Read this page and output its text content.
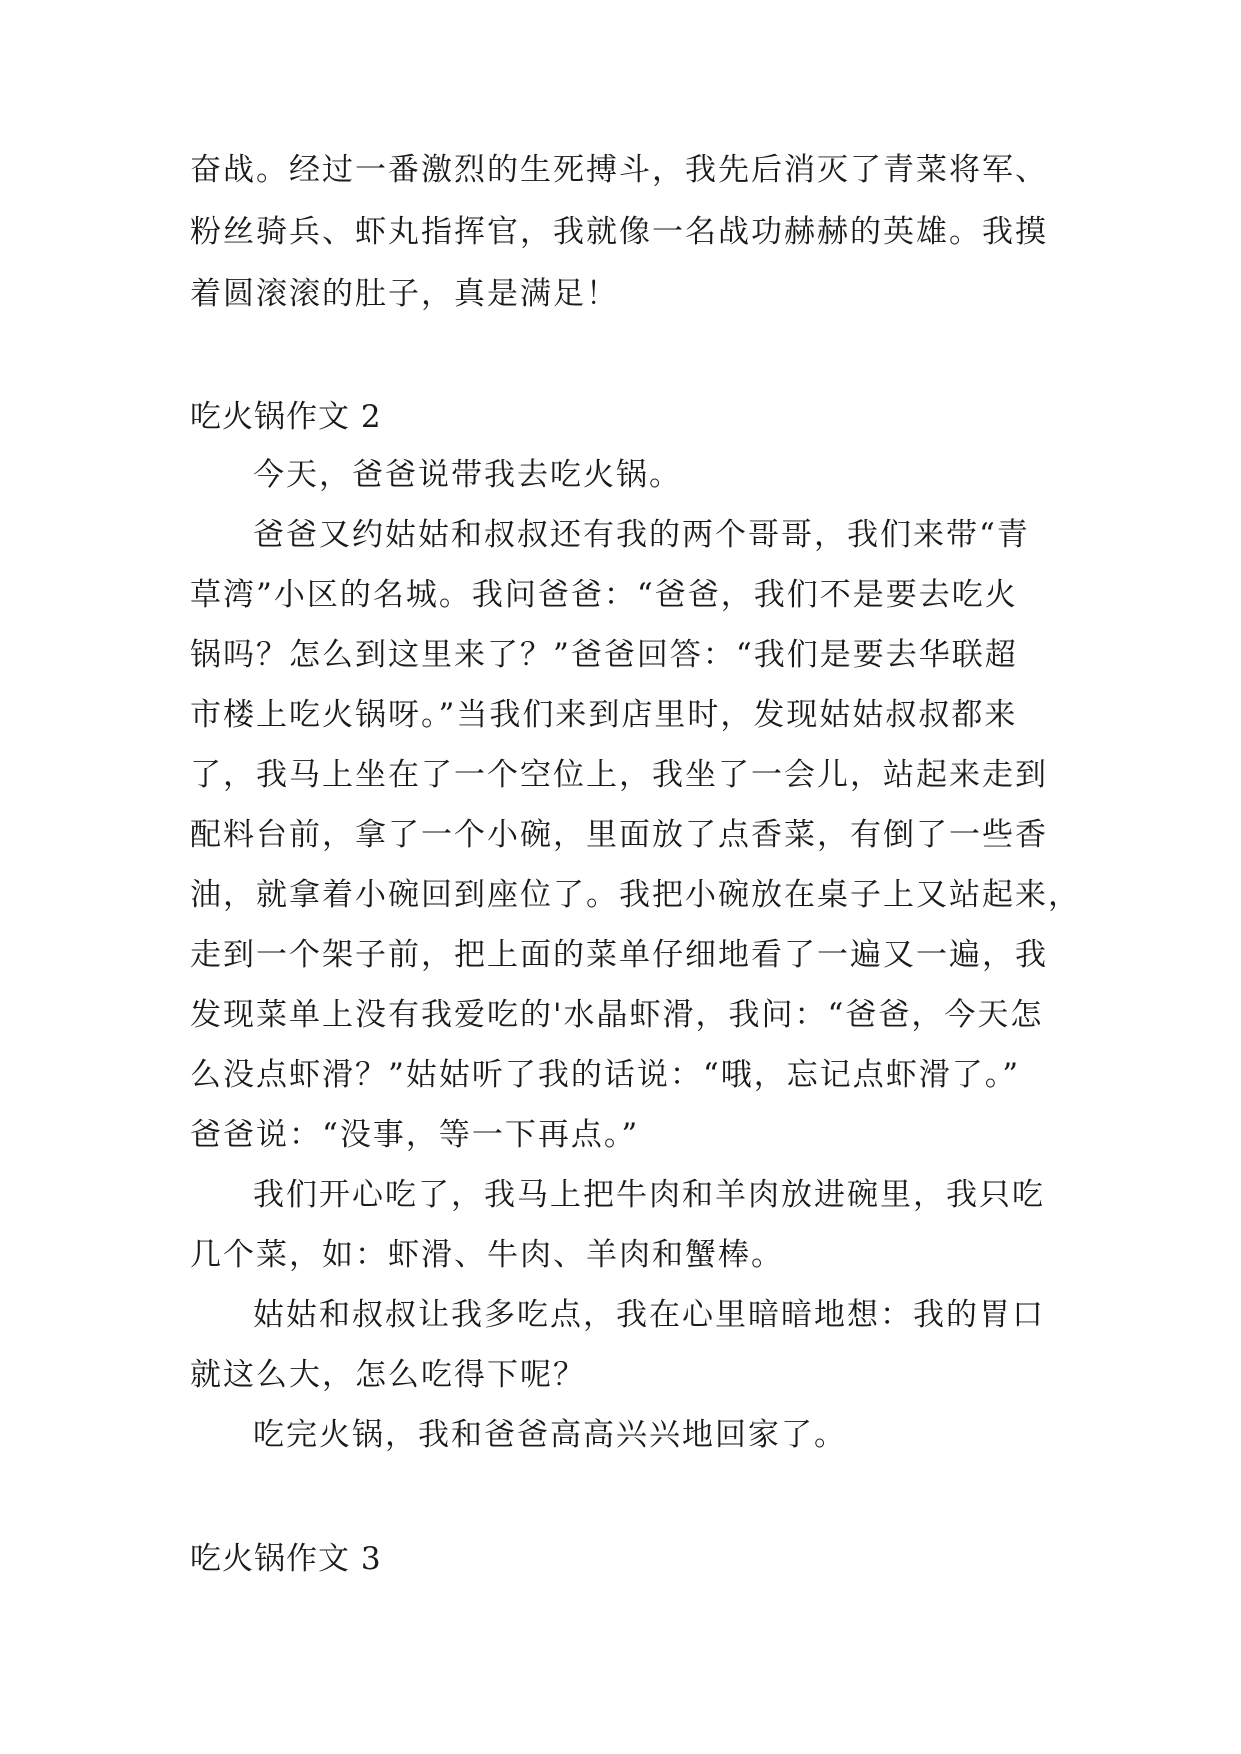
奋战。经过一番激烈的生死搏斗，我先后消灭了青菜将军、
粉丝骑兵、虾丸指挥官，我就像一名战功赫赫的英雄。我摸
着圆滚滚的肚子，真是满足！
吃火锅作文 2
今天，爸爸说带我去吃火锅。
爸爸又约姑姑和叔叔还有我的两个哥哥，我们来带“青
草湾”小区的名城。我问爸爸：“爸爸，我们不是要去吃火
锅吗？怎么到这里来了？”爸爸回答：“我们是要去华联超
市楼上吃火锅呀。”当我们来到店里时，发现姑姑叔叔都来
了，我马上坐在了一个空位上，我坐了一会儿，站起来走到
配料台前，拿了一个小碗，里面放了点香菜，有倒了一些香
油，就拿着小碗回到座位了。我把小碗放在桌子上又站起来，
走到一个架子前，把上面的菜单仔细地看了一遍又一遍，我
发现菜单上没有我爱吃的'水晶虾滑，我问：“爸爸，今天怎
么没点虾滑？”姑姑听了我的话说：“哦，忘记点虾滑了。”
爸爸说：“没事，等一下再点。”
我们开心吃了，我马上把牛肉和羊肉放进碗里，我只吃
几个菜，如：虾滑、牛肉、羊肉和蟹棒。
姑姑和叔叔让我多吃点，我在心里暗暗地想：我的胃口
就这么大，怎么吃得下呢？
吃完火锅，我和爸爸高高兴兴地回家了。
吃火锅作文 3
